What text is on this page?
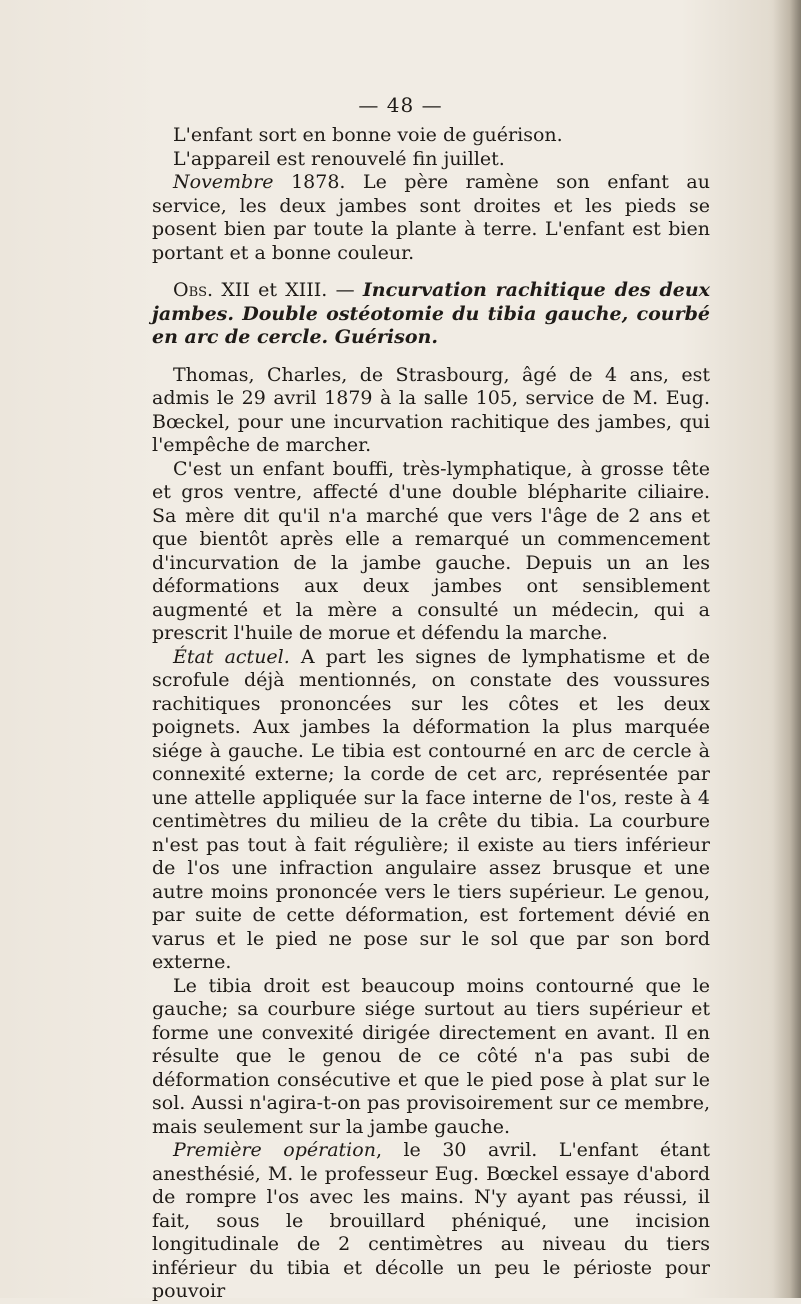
— 48 —

L'enfant sort en bonne voie de guérison.

L'appareil est renouvelé fin juillet.

Novembre 1878. Le père ramène son enfant au service, les deux jambes sont droites et les pieds se posent bien par toute la plante à terre. L'enfant est bien portant et a bonne couleur.

Obs. XII et XIII. — Incurvation rachitique des deux jambes. Double ostéotomie du tibia gauche, courbé en arc de cercle. Guérison.

Thomas, Charles, de Strasbourg, âgé de 4 ans, est admis le 29 avril 1879 à la salle 105, service de M. Eug. Bœckel, pour une incurvation rachitique des jambes, qui l'empêche de marcher.

C'est un enfant bouffi, très-lymphatique, à grosse tête et gros ventre, affecté d'une double blépharite ciliaire. Sa mère dit qu'il n'a marché que vers l'âge de 2 ans et que bientôt après elle a remarqué un commencement d'incurvation de la jambe gauche. Depuis un an les déformations aux deux jambes ont sensiblement augmenté et la mère a consulté un médecin, qui a prescrit l'huile de morue et défendu la marche.

État actuel. A part les signes de lymphatisme et de scrofule déjà mentionnés, on constate des voussures rachitiques prononcées sur les côtes et les deux poignets. Aux jambes la déformation la plus marquée siége à gauche. Le tibia est contourné en arc de cercle à connexité externe; la corde de cet arc, représentée par une attelle appliquée sur la face interne de l'os, reste à 4 centimètres du milieu de la crête du tibia. La courbure n'est pas tout à fait régulière; il existe au tiers inférieur de l'os une infraction angulaire assez brusque et une autre moins prononcée vers le tiers supérieur. Le genou, par suite de cette déformation, est fortement dévié en varus et le pied ne pose sur le sol que par son bord externe.

Le tibia droit est beaucoup moins contourné que le gauche; sa courbure siége surtout au tiers supérieur et forme une convexité dirigée directement en avant. Il en résulte que le genou de ce côté n'a pas subi de déformation consécutive et que le pied pose à plat sur le sol. Aussi n'agira-t-on pas provisoirement sur ce membre, mais seulement sur la jambe gauche.

Première opération, le 30 avril. L'enfant étant anesthésié, M. le professeur Eug. Bœckel essaye d'abord de rompre l'os avec les mains. N'y ayant pas réussi, il fait, sous le brouillard phéniqué, une incision longitudinale de 2 centimètres au niveau du tiers inférieur du tibia et décolle un peu le périoste pour pouvoir
